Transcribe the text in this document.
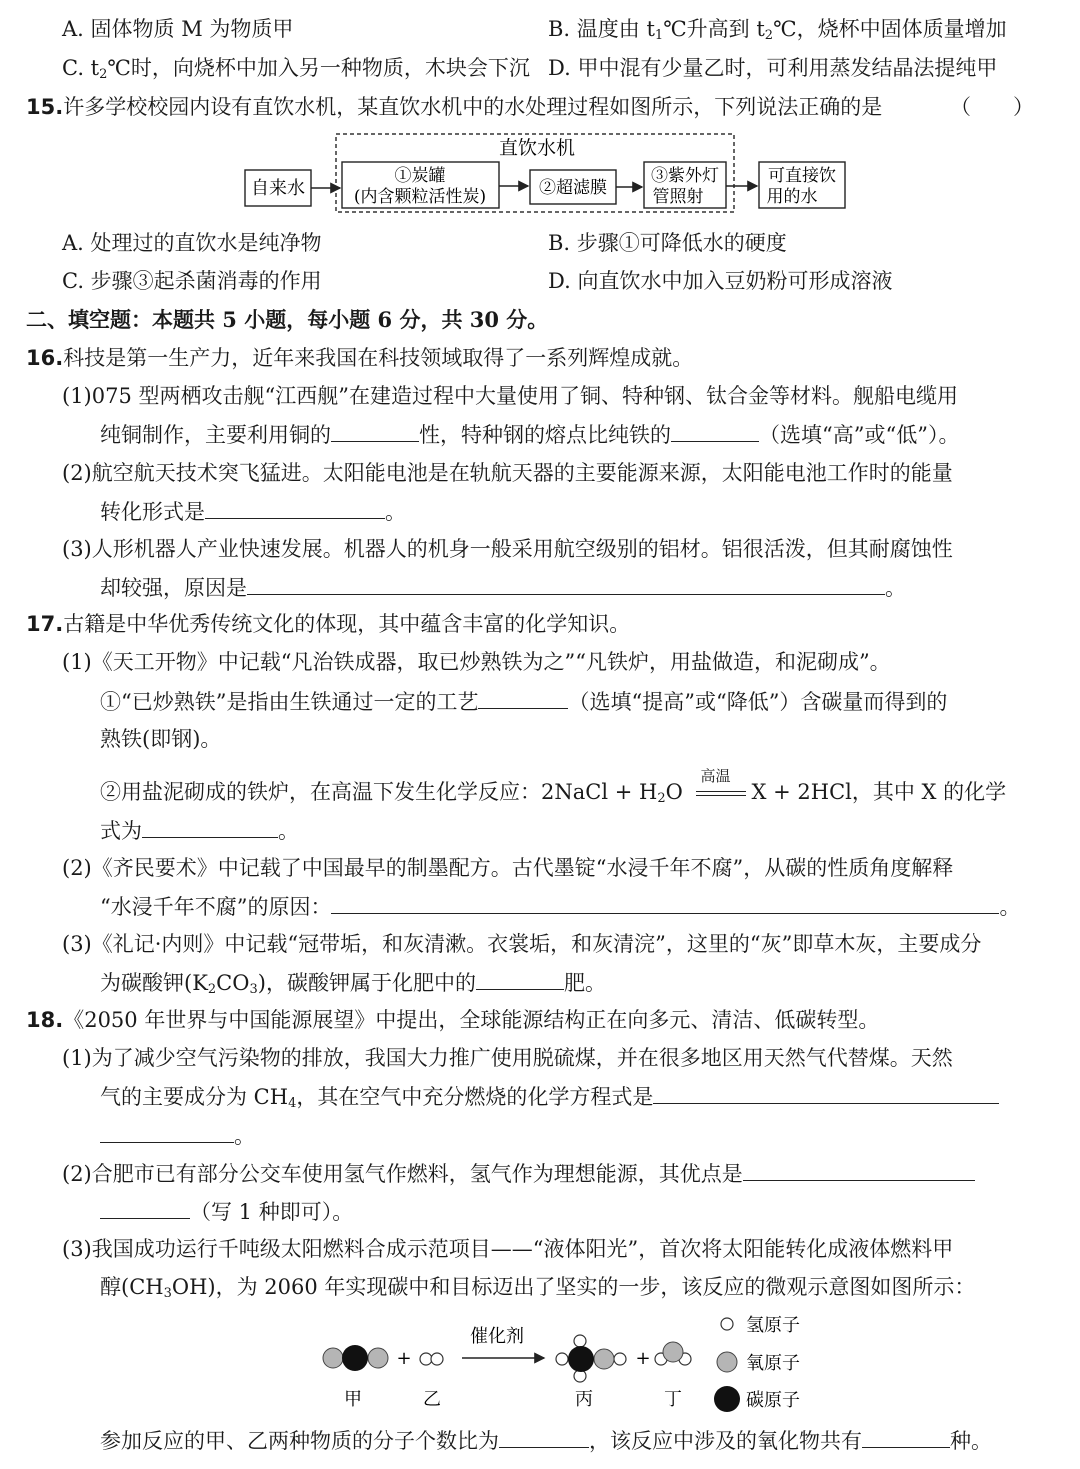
A. 固体物质 M 为物质甲	B. 温度由 $t_1℃$升高到 $t_2℃$，烧杯中固体质量增加
C. $t_2℃$时，向烧杯中加入另一种物质，木块会下沉 D. 甲中混有少量乙时，可利用蒸发结晶法提纯甲
15.许多学校校园内设有直饮水机，某直饮水机中的水处理过程如图所示，下列说法正确的是	（　　）
直饮水机
自来水
①炭罐
(内含颗粒活性炭)	②超滤膜
③紫外灯
管照射
可直接饮
用的水
A. 处理过的直饮水是纯净物	B. 步骤①可降低水的硬度
C. 步骤③起杀菌消毒的作用	D. 向直饮水中加入豆奶粉可形成溶液
二、填空题：本题共 5 小题，每小题 6 分，共 30 分。
16.科技是第一生产力，近年来我国在科技领域取得了一系列辉煌成就。
(1)075 型两栖攻击舰“江西舰”在建造过程中大量使用了铜、特种钢、钛合金等材料。舰船电缆用
纯铜制作，主要利用铜的	性，特种钢的熔点比纯铁的	（选填“高”或“低”）。
(2)航空航天技术突飞猛进。太阳能电池是在轨航天器的主要能源来源，太阳能电池工作时的能量
转化形式是	。
(3)人形机器人产业快速发展。机器人的机身一般采用航空级别的铝材。铝很活泼，但其耐腐蚀性
却较强，原因是	。
17.古籍是中华优秀传统文化的体现，其中蕴含丰富的化学知识。
(1)《天工开物》中记载“凡治铁成器，取已炒熟铁为之”“凡铁炉，用盐做造，和泥砌成”。
①“已炒熟铁”是指由生铁通过一定的工艺	（选填“提高”或“降低”）含碳量而得到的
熟铁(即钢)。
②用盐泥砌成的铁炉，在高温下发生化学反应：2NaCl + $H_2O$
高温
X + 2HCl，其中 X 的化学
式为	。
(2)《齐民要术》中记载了中国最早的制墨配方。古代墨锭“水浸千年不腐”，从碳的性质角度解释
“水浸千年不腐”的原因：	。
(3)《礼记·内则》中记载“冠带垢，和灰清漱。衣裳垢，和灰清浣”，这里的“灰”即草木灰，主要成分
为碳酸钾$(K_2CO_3)$，碳酸钾属于化肥中的	肥。
18.《2050 年世界与中国能源展望》中提出，全球能源结构正在向多元、清洁、低碳转型。
(1)为了减少空气污染物的排放，我国大力推广使用脱硫煤，并在很多地区用天然气代替煤。天然
气的主要成分为 $CH_4$，其在空气中充分燃烧的化学方程式是
。
(2)合肥市已有部分公交车使用氢气作燃料，氢气作为理想能源，其优点是
（写 1 种即可）。
(3)我国成功运行千吨级太阳燃料合成示范项目——“液体阳光”，首次将太阳能转化成液体燃料甲
醇$(CH_3OH)$，为 2060 年实现碳中和目标迈出了坚实的一步，该反应的微观示意图如图所示：
+
催化剂
+
甲	乙	丙	丁
氢原子
氧原子
碳原子
参加反应的甲、乙两种物质的分子个数比为	，该反应中涉及的氧化物共有	种。
